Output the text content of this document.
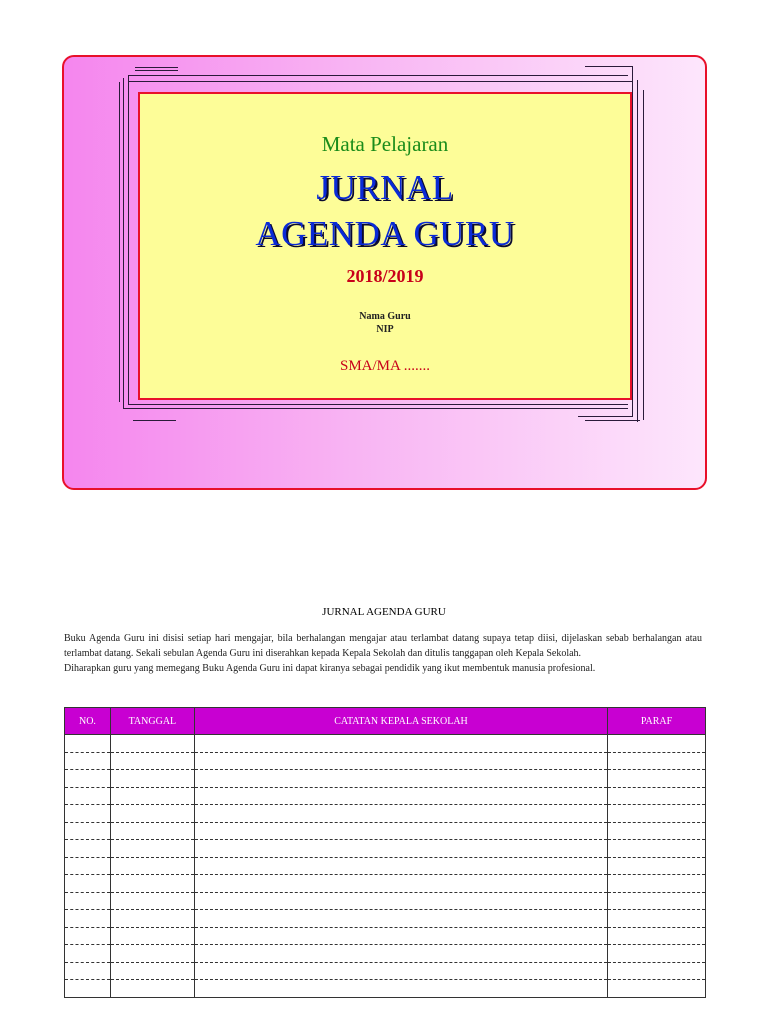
Mata Pelajaran
JURNAL
AGENDA GURU
2018/2019
Nama Guru
NIP
SMA/MA .......
JURNAL AGENDA GURU

Buku Agenda Guru ini disisi setiap hari mengajar, bila berhalangan mengajar atau terlambat datang supaya tetap diisi, dijelaskan sebab berhalangan atau terlambat datang. Sekali sebulan Agenda Guru ini diserahkan kepada Kepala Sekolah dan ditulis tanggapan oleh Kepala Sekolah.

Diharapkan guru yang memegang Buku Agenda Guru ini dapat kiranya sebagai pendidik yang ikut membentuk manusia profesional.

NO.	TANGGAL	CATATAN KEPALA SEKOLAH	PARAF
